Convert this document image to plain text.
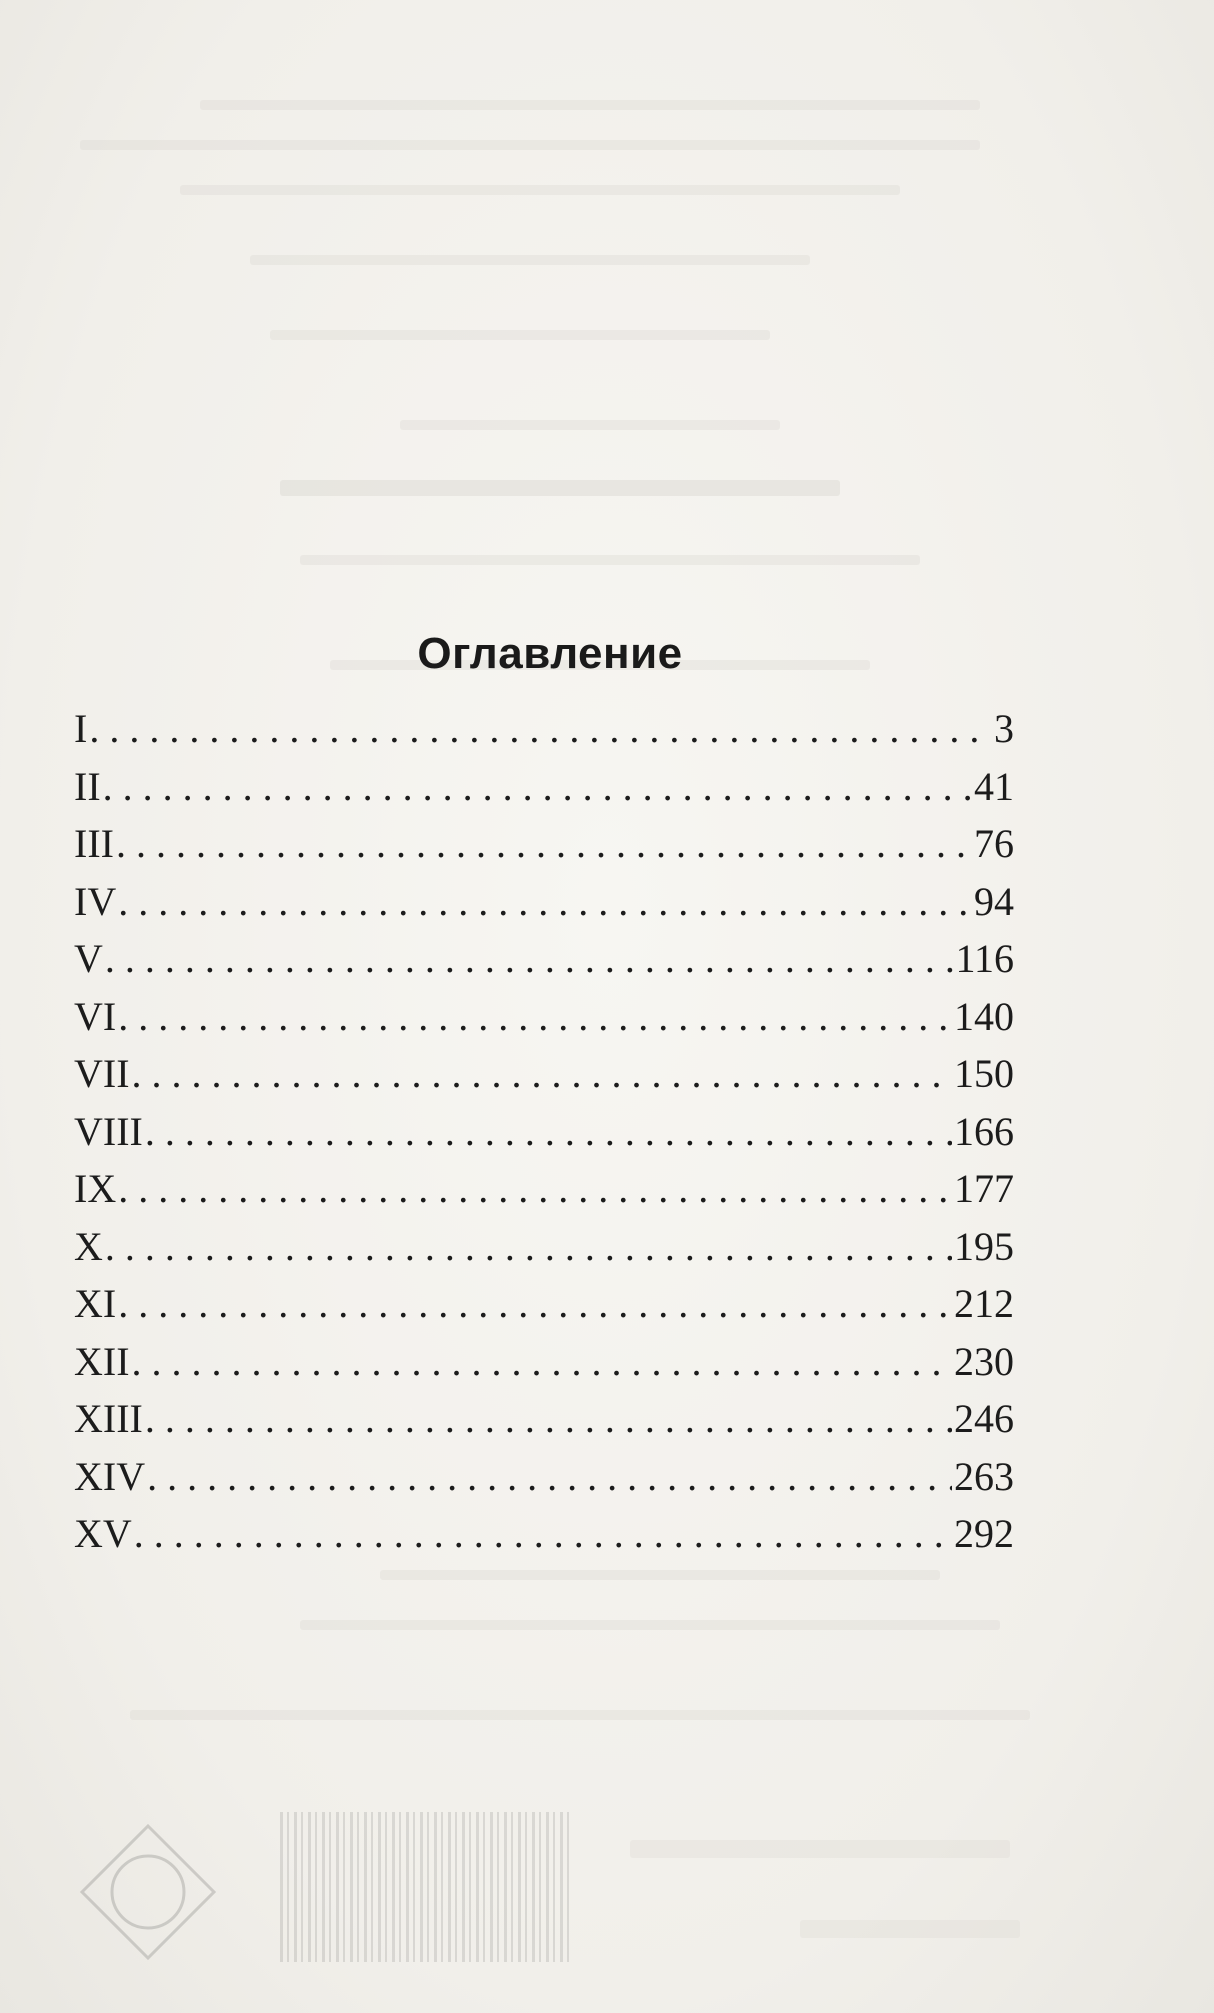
Оглавление
I . . .	3
II . . .	41
III . . .	76
IV . . .	94
V . . .	116
VI . . .	140
VII . . .	150
VIII . . .	166
IX . . .	177
X . . .	195
XI . . .	212
XII . . .	230
XIII . . .	246
XIV . . .	263
XV . . .	292
